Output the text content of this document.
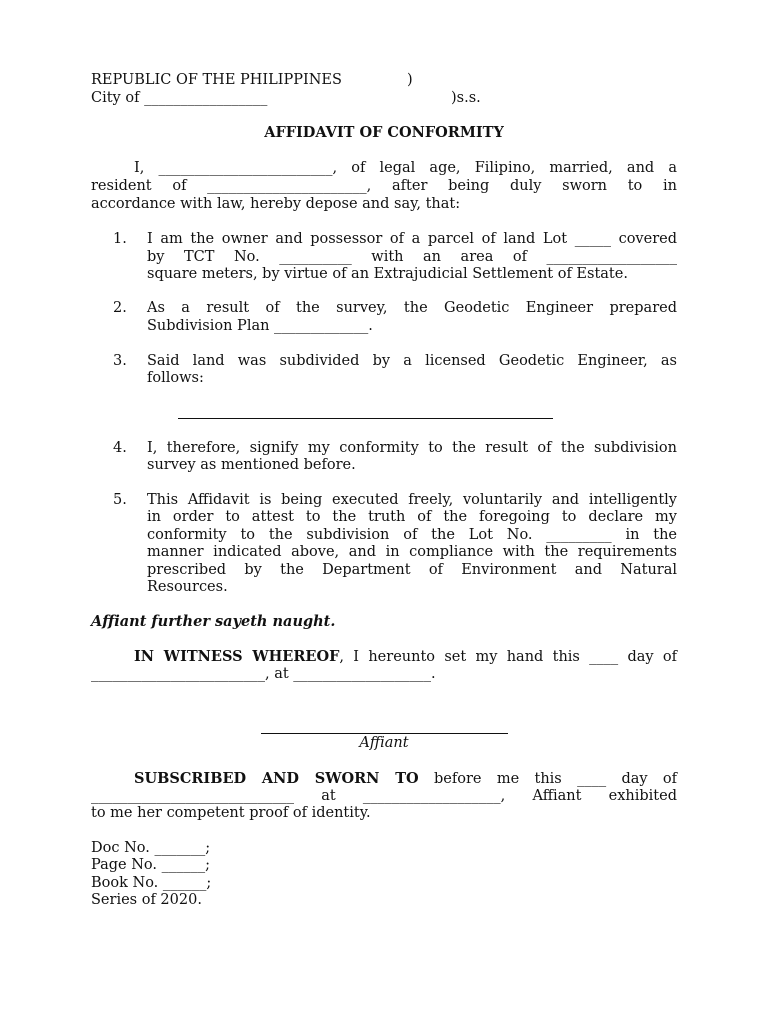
REPUBLIC OF THE PHILIPPINES	)
City of _________________	)s.s.
AFFIDAVIT OF CONFORMITY
I, ________________________, of legal age, Filipino, married, and a
resident of ______________________, after being duly sworn to in
accordance with law, hereby depose and say, that:
1. I am the owner and possessor of a parcel of land Lot _____ covered
by TCT No. __________ with an area of __________________
square meters, by virtue of an Extrajudicial Settlement of Estate.
2. As a result of the survey, the Geodetic Engineer prepared
Subdivision Plan _____________.
3. Said land was subdivided by a licensed Geodetic Engineer, as
follows:
4. I, therefore, signify my conformity to the result of the subdivision
survey as mentioned before.
5. This Affidavit is being executed freely, voluntarily and intelligently
in order to attest to the truth of the foregoing to declare my
conformity to the subdivision of the Lot No. _________ in the
manner indicated above, and in compliance with the requirements
prescribed by the Department of Environment and Natural
Resources.
Affiant further sayeth naught.
IN WITNESS WHEREOF, I hereunto set my hand this ____ day of
________________________, at ___________________.
Affiant
SUBSCRIBED AND SWORN TO before me this ____ day of
____________________________ at ___________________, Affiant exhibited
to me her competent proof of identity.
Doc No. _______;
Page No. ______;
Book No. ______;
Series of 2020.
